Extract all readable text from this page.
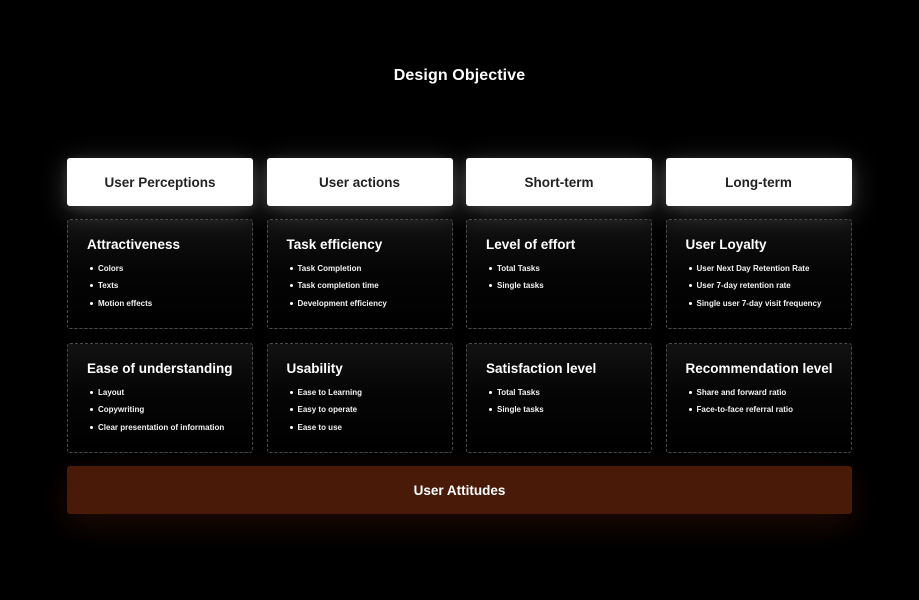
Design Objective
User Perceptions	User actions	Short-term	Long-term
Attractiveness
Colors
Texts
Motion effects
Task efficiency
Task Completion
Task completion time
Development efficiency
Level of effort
Total Tasks
Single tasks
User Loyalty
User Next Day Retention Rate
User 7-day retention rate
Single user 7-day visit frequency
Ease of understanding
Layout
Copywriting
Clear presentation of information
Usability
Ease to Learning
Easy to operate
Ease to use
Satisfaction level
Total Tasks
Single tasks
Recommendation level
Share and forward ratio
Face-to-face referral ratio
User Attitudes
